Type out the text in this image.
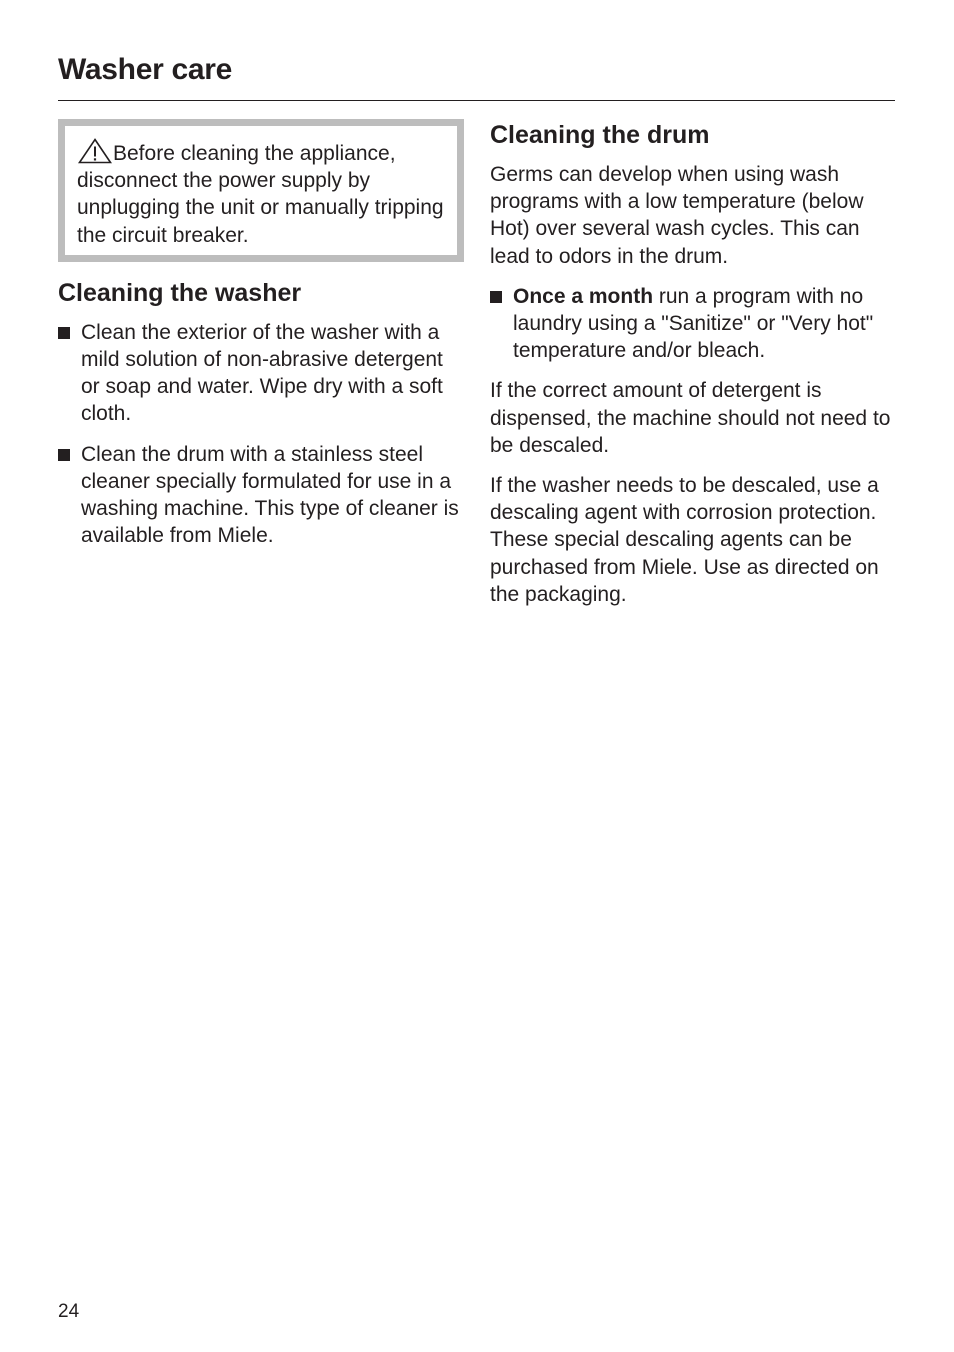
Washer care
Before cleaning the appliance, disconnect the power supply by unplugging the unit or manually tripping the circuit breaker.
Cleaning the washer
Clean the exterior of the washer with a mild solution of non-abrasive detergent or soap and water. Wipe dry with a soft cloth.
Clean the drum with a stainless steel cleaner specially formulated for use in a washing machine. This type of cleaner is available from Miele.
Cleaning the drum

Germs can develop when using wash programs with a low temperature (below Hot) over several wash cycles. This can lead to odors in the drum.

Once a month run a program with no laundry using a "Sanitize" or "Very hot" temperature and/or bleach.

If the correct amount of detergent is dispensed, the machine should not need to be descaled.

If the washer needs to be descaled, use a descaling agent with corrosion protection. These special descaling agents can be purchased from Miele. Use as directed on the packaging.

24
